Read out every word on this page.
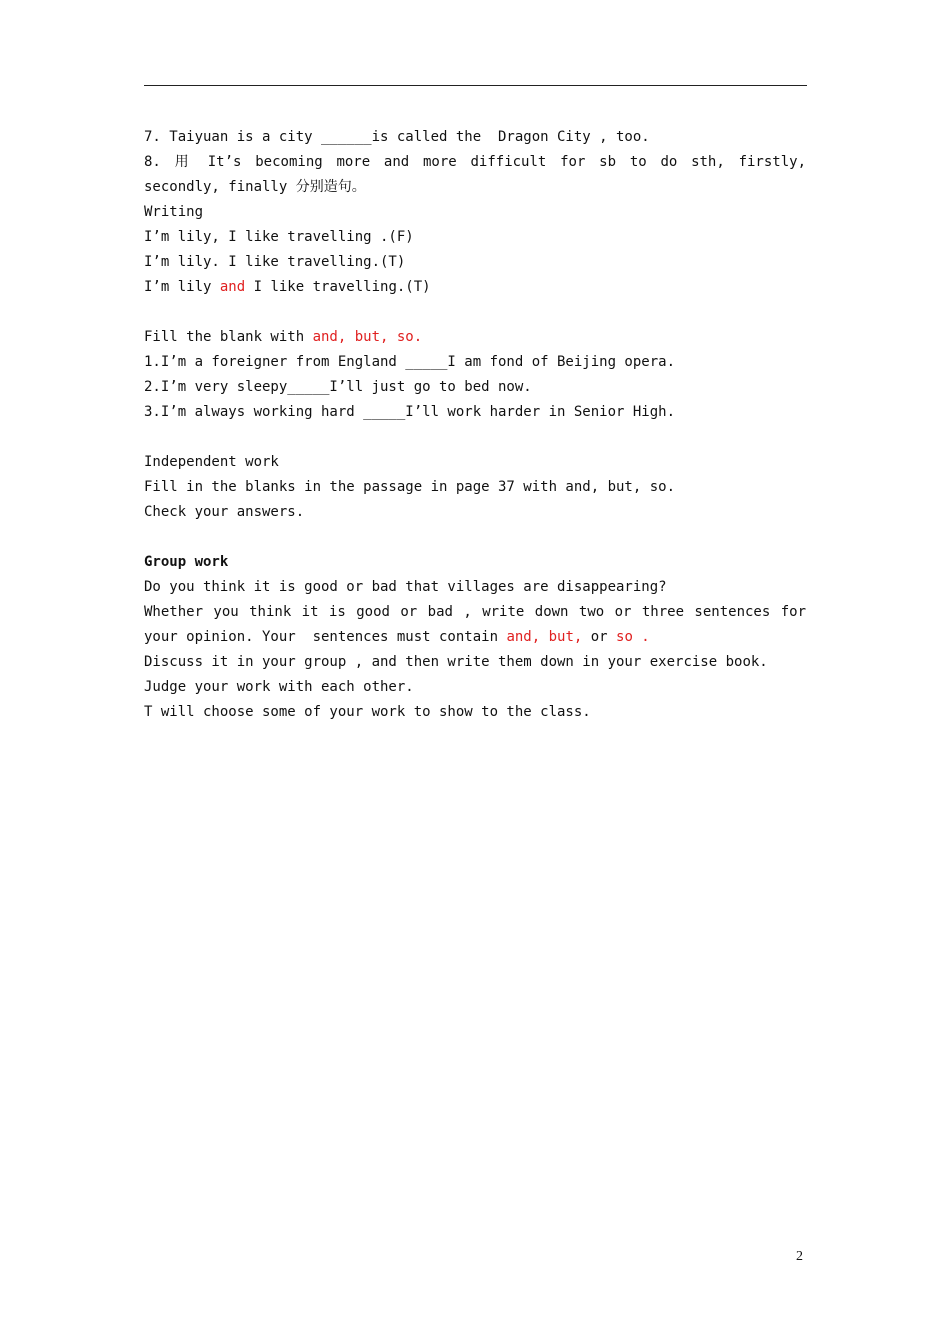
7. Taiyuan is a city ______is called the  Dragon City , too.
8. 用 It’s becoming more and more difficult for sb to do sth, firstly,
secondly, finally 分别造句。
Writing
I’m lily, I like travelling .(F)
I’m lily. I like travelling.(T)
I’m lily and I like travelling.(T)
Fill the blank with and, but, so.
1.I’m a foreigner from England _____I am fond of Beijing opera.
2.I’m very sleepy_____I’ll just go to bed now.
3.I’m always working hard _____I’ll work harder in Senior High.
Independent work
Fill in the blanks in the passage in page 37 with and, but, so.
Check your answers.
Group work
Do you think it is good or bad that villages are disappearing?
Whether you think it is good or bad , write down two or three sentences for
your opinion. Your  sentences must contain and, but, or so .
Discuss it in your group , and then write them down in your exercise book.
Judge your work with each other.
T will choose some of your work to show to the class.
2
